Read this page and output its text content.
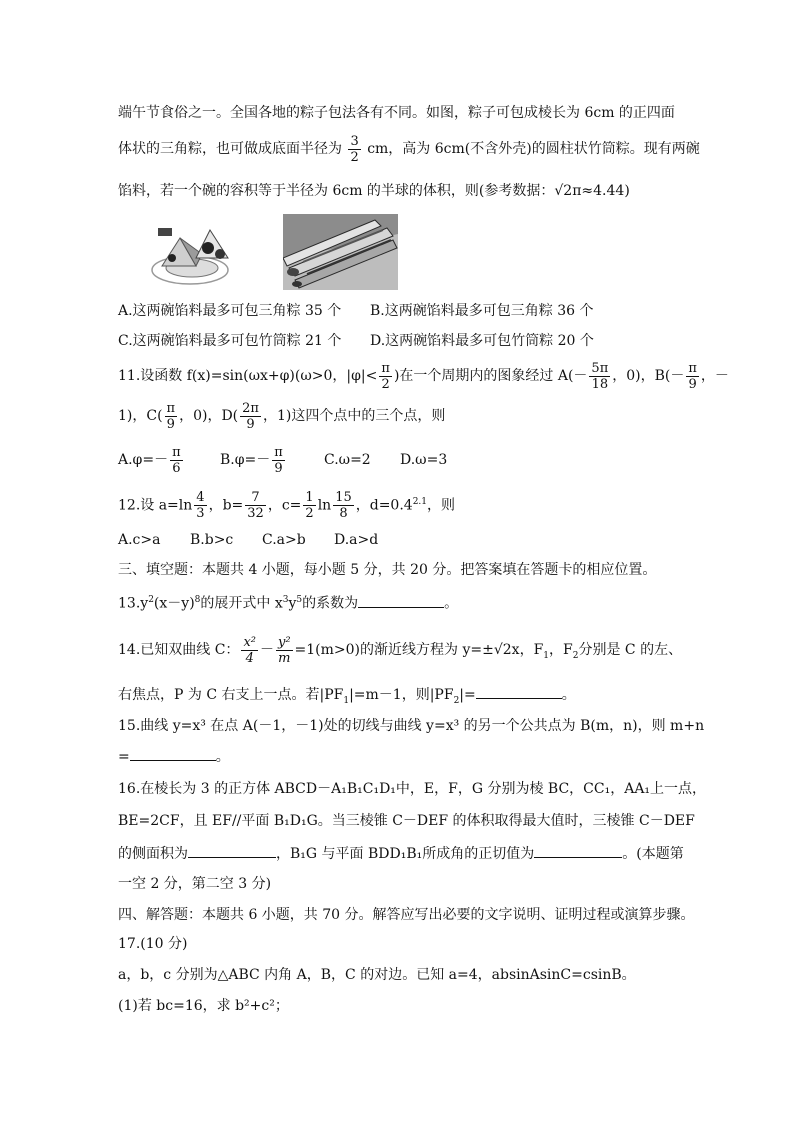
端午节食俗之一。全国各地的粽子包法各有不同。如图，粽子可包成棱长为 6cm 的正四面
体状的三角粽，也可做成底面半径为 $\frac{3}{2}$ cm，高为 6cm(不含外壳)的圆柱状竹筒粽。现有两碗
馅料，若一个碗的容积等于半径为 6cm 的半球的体积，则(参考数据：√2π≈4.44)
A.这两碗馅料最多可包三角粽 35 个 B.这两碗馅料最多可包三角粽 36 个
C.这两碗馅料最多可包竹筒粽 21 个 D.这两碗馅料最多可包竹筒粽 20 个
11.设函数 f(x)=sin(ωx+φ)(ω>0，$|\varphi|< \frac{\pi}{2}$ )在一个周期内的图象经过 $A(- \frac{5\pi}{18}$ ，0)，$B(- \frac{\pi}{9}$ ，－
1)，$C( \frac{\pi}{9}$ ，0)，$D( \frac{2\pi}{9}$ ，1)这四个点中的三个点，则
$A.\varphi=- \frac{\pi}{6}$	$B.\varphi=- \frac{\pi}{9}$	C.ω=2 D.ω=3
12.设 $a=\ln \frac{4}{3}$ ，$b= \frac{7}{32}$ ，$c= \frac{1}{2}$ $\ln \frac{15}{8}$ ，$d=0.4^{2.1}$，则
A.c>a B.b>c C.a>b D.a>d
三、填空题：本题共 4 小题，每小题 5 分，共 20 分。把答案填在答题卡的相应位置。
$13.y^2(x-y)^8$的展开式中 $x^3y^5$的系数为	。
14.已知双曲线 C： $\frac{\text{x²}}{4} - \frac{\text{y²}}{m} =1(m>0)$的渐近线方程为 y=±√2x，$F_1$，$F_2$分别是 C 的左、
右焦点，P 为 C 右支上一点。若$|PF_1|=m-1$，则$|PF_2|=$	。
15.曲线 y=x³ 在点 A(－1，－1)处的切线与曲线 y=x³ 的另一个公共点为 B(m，n)，则 m+n
=	。
16.在棱长为 3 的正方体 ABCD－A₁B₁C₁D₁中，E，F，G 分别为棱 BC，CC₁，AA₁上一点，
BE=2CF，且 EF//平面 B₁D₁G。当三棱锥 C－DEF 的体积取得最大值时，三棱锥 C－DEF
的侧面积为	，B₁G 与平面 BDD₁B₁所成角的正切值为	。(本题第
一空 2 分，第二空 3 分)
四、解答题：本题共 6 小题，共 70 分。解答应写出必要的文字说明、证明过程或演算步骤。
17.(10 分)
a，b，c 分别为△ABC 内角 A，B，C 的对边。已知 a=4，absinAsinC=csinB。
(1)若 bc=16，求 b²+c²；
